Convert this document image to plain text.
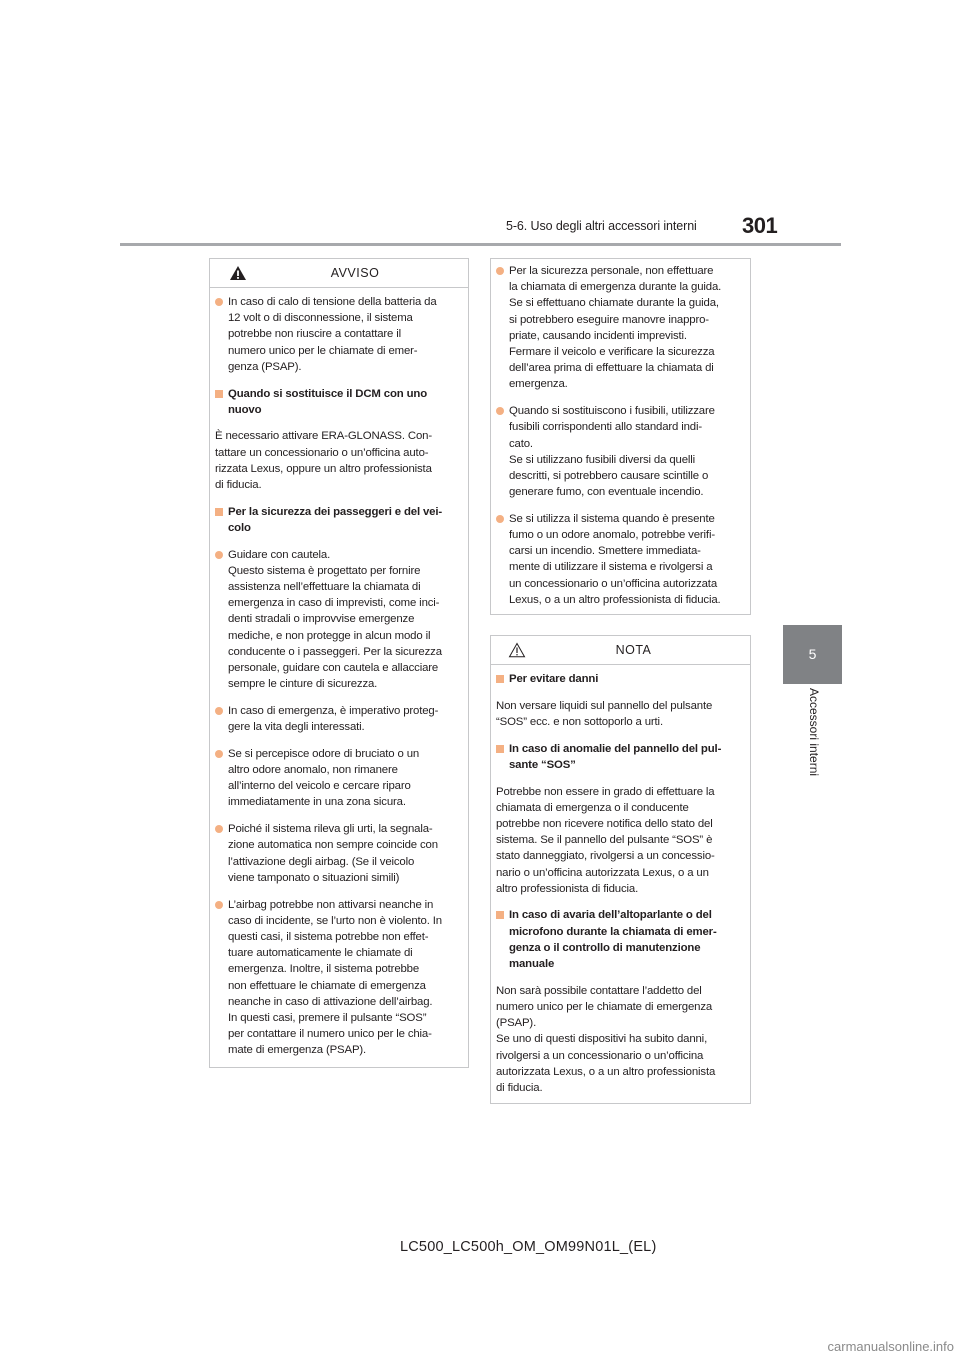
5-6. Uso degli altri accessori interni 301
5
Accessori interni
AVVISO
In caso di calo di tensione della batteria da
12 volt o di disconnessione, il sistema
potrebbe non riuscire a contattare il
numero unico per le chiamate di emer-
genza (PSAP).
Quando si sostituisce il DCM con uno
nuovo
È necessario attivare ERA-GLONASS. Con-
tattare un concessionario o un’officina auto-
rizzata Lexus, oppure un altro professionista
di fiducia.
Per la sicurezza dei passeggeri e del vei-
colo
Guidare con cautela.
Questo sistema è progettato per fornire
assistenza nell’effettuare la chiamata di
emergenza in caso di imprevisti, come inci-
denti stradali o improvvise emergenze
mediche, e non protegge in alcun modo il
conducente o i passeggeri. Per la sicurezza
personale, guidare con cautela e allacciare
sempre le cinture di sicurezza.
In caso di emergenza, è imperativo proteg-
gere la vita degli interessati.
Se si percepisce odore di bruciato o un
altro odore anomalo, non rimanere
all’interno del veicolo e cercare riparo
immediatamente in una zona sicura.
Poiché il sistema rileva gli urti, la segnala-
zione automatica non sempre coincide con
l’attivazione degli airbag. (Se il veicolo
viene tamponato o situazioni simili)
L’airbag potrebbe non attivarsi neanche in
caso di incidente, se l’urto non è violento. In
questi casi, il sistema potrebbe non effet-
tuare automaticamente le chiamate di
emergenza. Inoltre, il sistema potrebbe
non effettuare le chiamate di emergenza
neanche in caso di attivazione dell’airbag.
In questi casi, premere il pulsante “SOS”
per contattare il numero unico per le chia-
mate di emergenza (PSAP).
Per la sicurezza personale, non effettuare
la chiamata di emergenza durante la guida.
Se si effettuano chiamate durante la guida,
si potrebbero eseguire manovre inappro-
priate, causando incidenti imprevisti.
Fermare il veicolo e verificare la sicurezza
dell’area prima di effettuare la chiamata di
emergenza.
Quando si sostituiscono i fusibili, utilizzare
fusibili corrispondenti allo standard indi-
cato.
Se si utilizzano fusibili diversi da quelli
descritti, si potrebbero causare scintille o
generare fumo, con eventuale incendio.
Se si utilizza il sistema quando è presente
fumo o un odore anomalo, potrebbe verifi-
carsi un incendio. Smettere immediata-
mente di utilizzare il sistema e rivolgersi a
un concessionario o un’officina autorizzata
Lexus, o a un altro professionista di fiducia.
NOTA
Per evitare danni
Non versare liquidi sul pannello del pulsante
“SOS” ecc. e non sottoporlo a urti.
In caso di anomalie del pannello del pul-
sante “SOS”
Potrebbe non essere in grado di effettuare la
chiamata di emergenza o il conducente
potrebbe non ricevere notifica dello stato del
sistema. Se il pannello del pulsante “SOS” è
stato danneggiato, rivolgersi a un concessio-
nario o un’officina autorizzata Lexus, o a un
altro professionista di fiducia.
In caso di avaria dell’altoparlante o del
microfono durante la chiamata di emer-
genza o il controllo di manutenzione
manuale
Non sarà possibile contattare l’addetto del
numero unico per le chiamate di emergenza
(PSAP).
Se uno di questi dispositivi ha subito danni,
rivolgersi a un concessionario o un’officina
autorizzata Lexus, o a un altro professionista
di fiducia.
LC500_LC500h_OM_OM99N01L_(EL)
carmanualsonline.info
